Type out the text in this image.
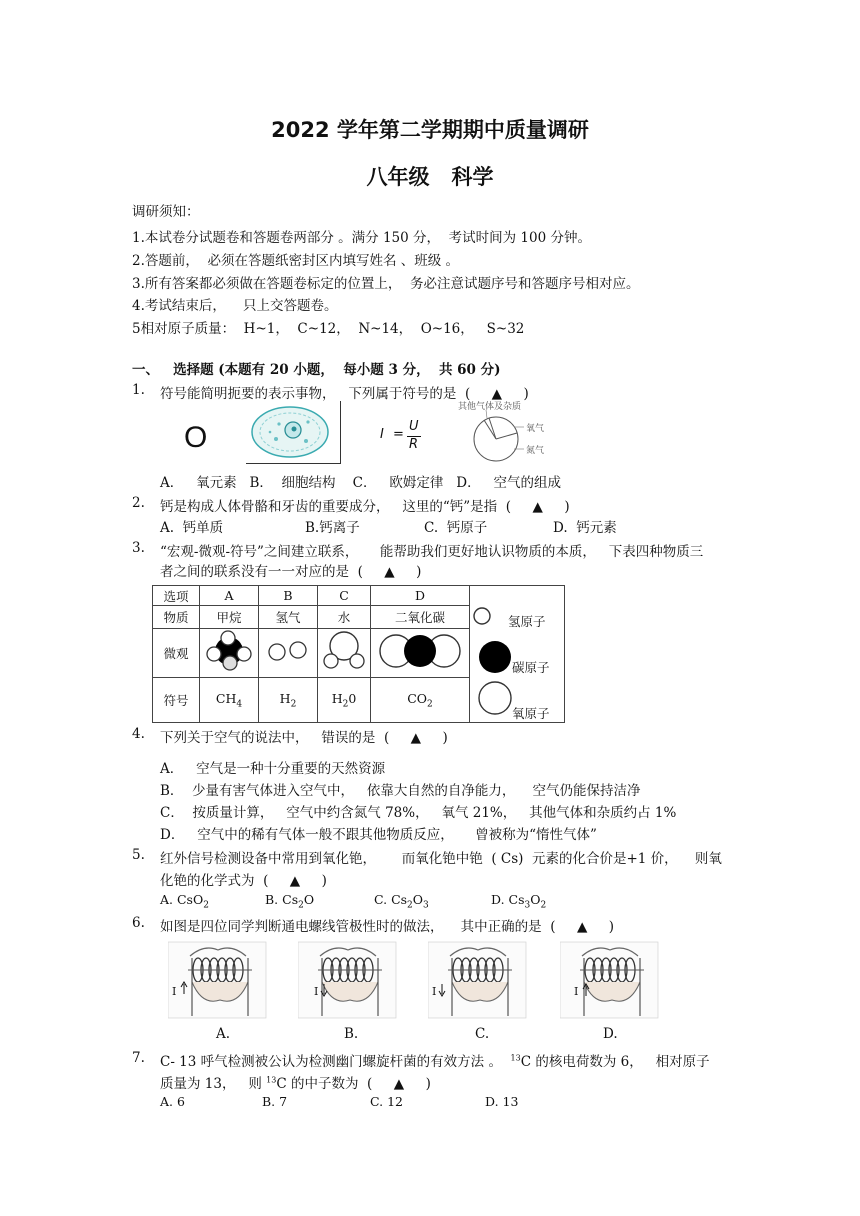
2022 学年第二学期期中质量调研
八年级   科学
调研须知：
1.本试卷分试题卷和答题卷两部分 。满分 150 分，  考试时间为 100 分钟。
2.答题前，  必须在答题纸密封区内填写姓名 、班级 。
3.所有答案都必须做在答题卷标定的位置上，  务必注意试题序号和答题序号相对应。
4.考试结束后，    只上交答题卷。
5相对原子质量：  H~1，  C~12，  N~14，  O~16，   S~32
一、   选择题 (本题有 20 小题，  每小题 3 分，  共 60 分)
1. 符号能简明扼要的表示事物，   下列属于符号的是  (     ▲     )
O	I =
U
R
其他气体及杂质
氧气
氮气
A．   氧元素   B．  细胞结构    C．   欧姆定律   D．   空气的组成
2. 钙是构成人体骨骼和牙齿的重要成分，   这里的“钙”是指  (     ▲     )
A.  钙单质	B.钙离子	C.  钙原子	D.  钙元素
3. “宏观-微观-符号”之间建立联系，     能帮助我们更好地认识物质的本质，   下表四种物质三
者之间的联系没有一一对应的是  (     ▲     )
选项	A	B	C	D	氢原子
碳原子
氧原子

物质	甲烷	氢气	水	二氧化碳	
微观				
符号	$CH_4$	$H_2$	$H_20$	$CO_2$
4. 下列关于空气的说法中，   错误的是  (     ▲     )
A．   空气是一种十分重要的天然资源
B．  少量有害气体进入空气中，   依靠大自然的自净能力，    空气仍能保持洁净
C．  按质量计算，   空气中约含氮气 78%，   氧气 21%，   其他气体和杂质约占 1%
D．   空气中的稀有气体一般不跟其他物质反应，     曾被称为“惰性气体”
5. 红外信号检测设备中常用到氧化铯，      而氧化铯中铯  ( Cs)  元素的化合价是+1 价，    则氧
化铯的化学式为  (     ▲     )
A. CsO$_2$	B. $Cs_2O$	C. $Cs_2O_3$	D. $Cs_3O_2$
6. 如图是四位同学判断通电螺线管极性时的做法，    其中正确的是  (     ▲     )
I	I	I	I
A.	B.	C.	D.
7. C- 13 呼气检测被公认为检测幽门螺旋杆菌的有效方法 。  $^{13}$C 的核电荷数为 6，   相对原子
质量为 13，   则 $^{13}$C 的中子数为  (     ▲     )
A. 6	B. 7	C. 12	D. 13
